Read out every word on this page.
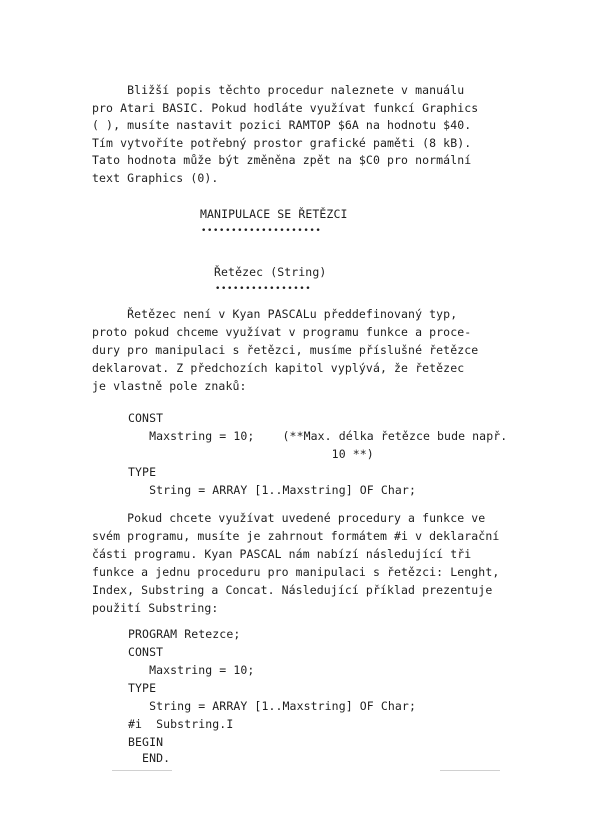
Bližší popis těchto procedur naleznete v manuálu
pro Atari BASIC. Pokud hodláte využívat funkcí Graphics
( ), musíte nastavit pozici RAMTOP $6A na hodnotu $40.
Tím vytvoříte potřebný prostor grafické paměti (8 kB).
Tato hodnota může být změněna zpět na $C0 pro normální
text Graphics (0).
MANIPULACE SE ŘETĚZCI
••••••••••••••••••••
Řetězec (String)
••••••••••••••••
Řetězec není v Kyan PASCALu předdefinovaný typ,
proto pokud chceme využívat v programu funkce a proce-
dury pro manipulaci s řetězci, musíme příslušné řetězce
deklarovat. Z předchozích kapitol vyplývá, že řetězec
je vlastně pole znaků:
CONST
Maxstring = 10;    (**Max. délka řetězce bude např.
10 **)
TYPE
String = ARRAY [1..Maxstring] OF Char;
Pokud chcete využívat uvedené procedury a funkce ve
svém programu, musíte je zahrnout formátem #i v deklarační
části programu. Kyan PASCAL nám nabízí následující tři
funkce a jednu proceduru pro manipulaci s řetězci: Lenght,
Index, Substring a Concat. Následující příklad prezentuje
použití Substring:
PROGRAM Retezce;
CONST
Maxstring = 10;
TYPE
String = ARRAY [1..Maxstring] OF Char;
#i  Substring.I
BEGIN
END.
